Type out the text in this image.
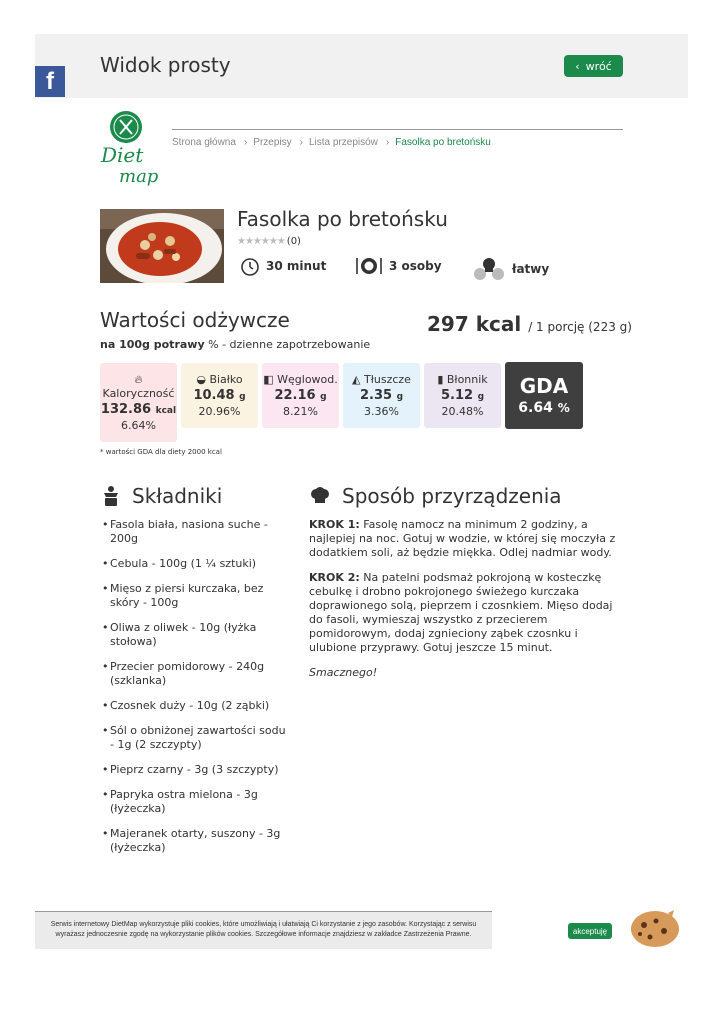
Widok prosty	‹ wróć
f
Diet
map
Strona główna › Przepisy › Lista przepisów › Fasolka po bretońsku
Fasolka po bretońsku
★★★★★★ (0)
30 minut	3 osoby	łatwy
Wartości odżywcze	297 kcal / 1 porcję (223 g)
na 100g potrawy % - dzienne zapotrzebowanie
🔥︎
Kaloryczność
132.86 kcal
6.64%
◒ Białko
10.48 g
20.96%
◧ Węglowod.
22.16 g
8.21%
◭ Tłuszcze
2.35 g
3.36%
▮ Błonnik
5.12 g
20.48%
GDA
6.64 %
* wartości GDA dla diety 2000 kcal
Składniki
• Fasola biała, nasiona suche - 200g
• Cebula - 100g (1 ¼ sztuki)
• Mięso z piersi kurczaka, bez skóry - 100g
• Oliwa z oliwek - 10g (łyżka stołowa)
• Przecier pomidorowy - 240g (szklanka)
• Czosnek duży - 10g (2 ząbki)
• Sól o obniżonej zawartości sodu - 1g (2 szczypty)
• Pieprz czarny - 3g (3 szczypty)
• Papryka ostra mielona - 3g (łyżeczka)
• Majeranek otarty, suszony - 3g (łyżeczka)
Sposób przyrządzenia

KROK 1: Fasolę namocz na minimum 2 godziny, a najlepiej na noc. Gotuj w wodzie, w której się moczyła z dodatkiem soli, aż będzie miękka. Odlej nadmiar wody.

KROK 2: Na patelni podsmaż pokrojoną w kosteczkę cebulkę i drobno pokrojonego świeżego kurczaka doprawionego solą, pieprzem i czosnkiem. Mięso dodaj do fasoli, wymieszaj wszystko z przecierem pomidorowym, dodaj zgnieciony ząbek czosnku i ulubione przyprawy. Gotuj jeszcze 15 minut.

Smacznego!

Serwis internetowy DietMap wykorzystuje pliki cookies, które umożliwiają i ułatwiają Ci korzystanie z jego zasobów. Korzystając z serwisu wyrażasz jednoczesnie zgodę na wykorzystanie plików cookies. Szczegółowe informacje znajdziesz w zakładce Zastrzeżenia Prawne.	akceptuję
